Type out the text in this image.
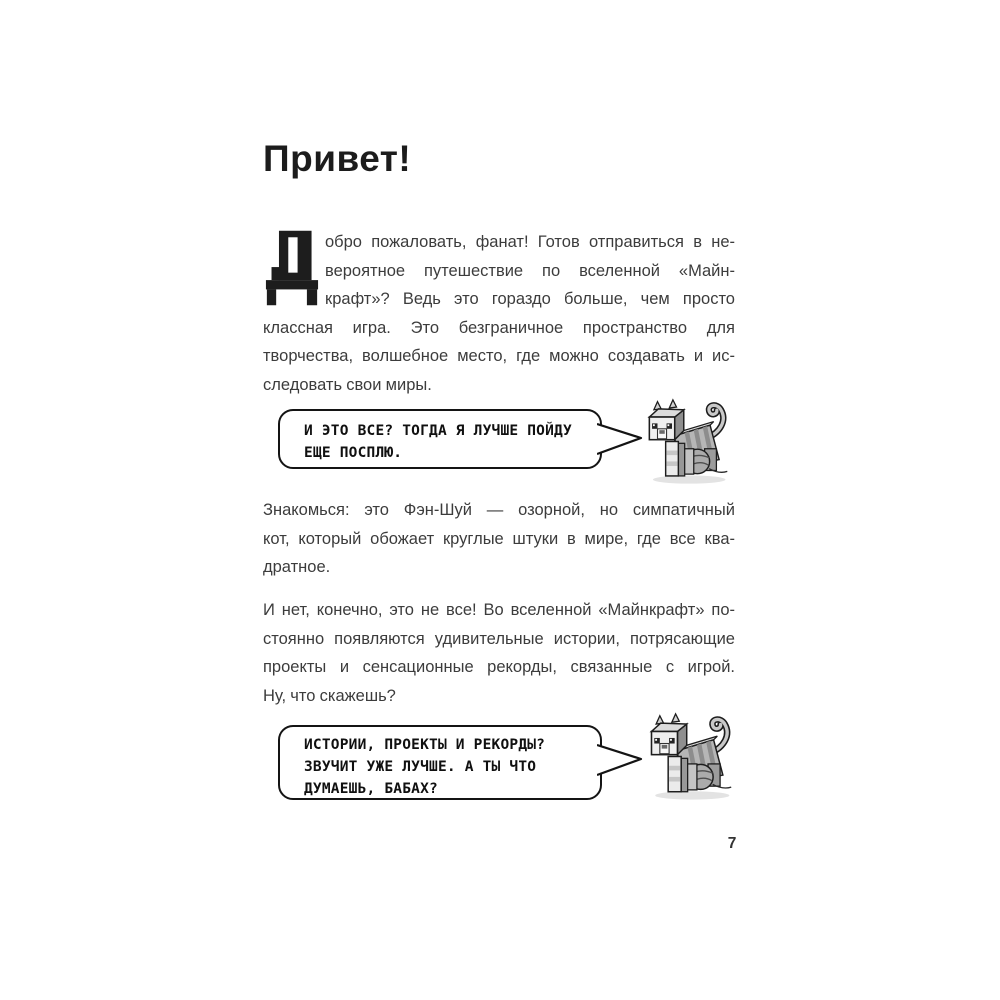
Привет!
обро пожаловать, фанат! Готов отправиться в не-
вероятное путешествие по вселенной «Майн-
крафт»? Ведь это гораздо больше, чем просто
классная игра. Это безграничное пространство для
творчества, волшебное место, где можно создавать и ис-
следовать свои миры.
И ЭТО ВСЕ? ТОГДА Я ЛУЧШЕ ПОЙДУ
ЕЩЕ ПОСПЛЮ.
Знакомься: это Фэн-Шуй — озорной, но симпатичный
кот, который обожает круглые штуки в мире, где все ква-
дратное.
И нет, конечно, это не все! Во вселенной «Майнкрафт» по-
стоянно появляются удивительные истории, потрясающие
проекты и сенсационные рекорды, связанные с игрой.
Ну, что скажешь?
ИСТОРИИ, ПРОЕКТЫ И РЕКОРДЫ?
ЗВУЧИТ УЖЕ ЛУЧШЕ. А ТЫ ЧТО
ДУМАЕШЬ, БАБАХ?
7
